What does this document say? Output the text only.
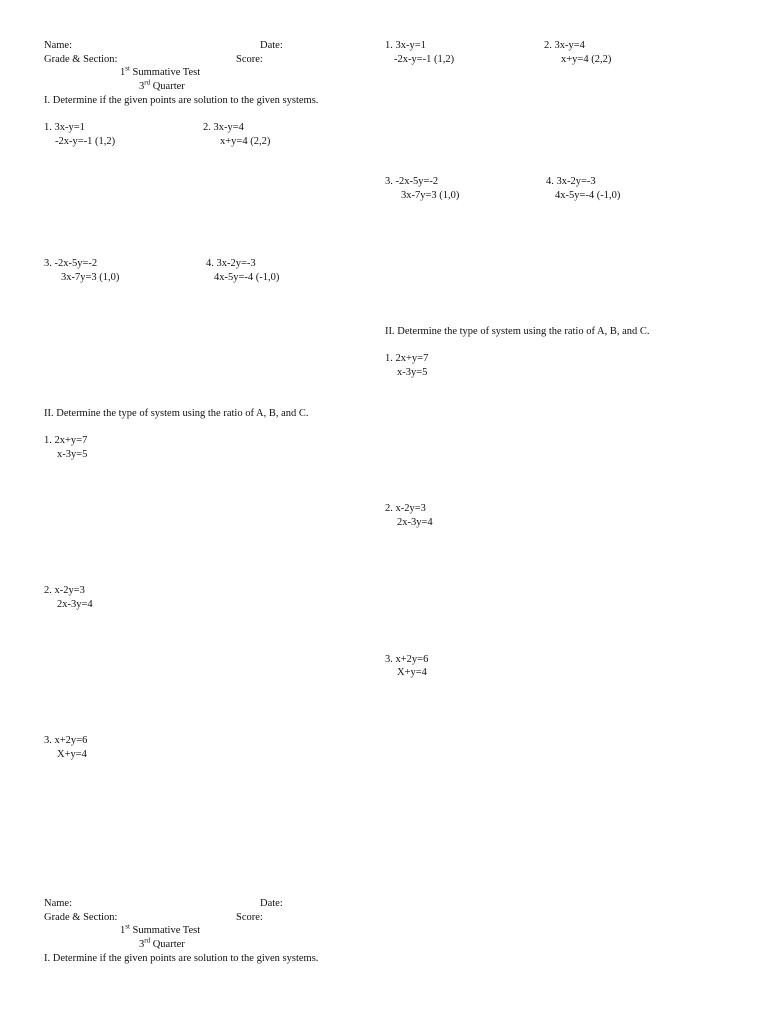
Name:	Date:

Grade & Section:	Score:

1st Summative Test

3rd Quarter

I. Determine if the given points are solution to the given systems.

1. 3x-y=1

-2x-y=-1 (1,2)

2. 3x-y=4

x+y=4 (2,2)

3. -2x-5y=-2

3x-7y=3 (1,0)

4. 3x-2y=-3

4x-5y=-4 (-1,0)

II. Determine the type of system using the ratio of A, B, and C.

1. 2x+y=7

x-3y=5

2. x-2y=3

2x-3y=4

3. x+2y=6

X+y=4

1. 3x-y=1

-2x-y=-1 (1,2)

2. 3x-y=4

x+y=4 (2,2)

3. -2x-5y=-2

3x-7y=3 (1,0)

4. 3x-2y=-3

4x-5y=-4 (-1,0)

II. Determine the type of system using the ratio of A, B, and C.

1. 2x+y=7

x-3y=5

2. x-2y=3

2x-3y=4

3. x+2y=6

X+y=4

Name:	Date:

Grade & Section:	Score:

1st Summative Test

3rd Quarter

I. Determine if the given points are solution to the given systems.
